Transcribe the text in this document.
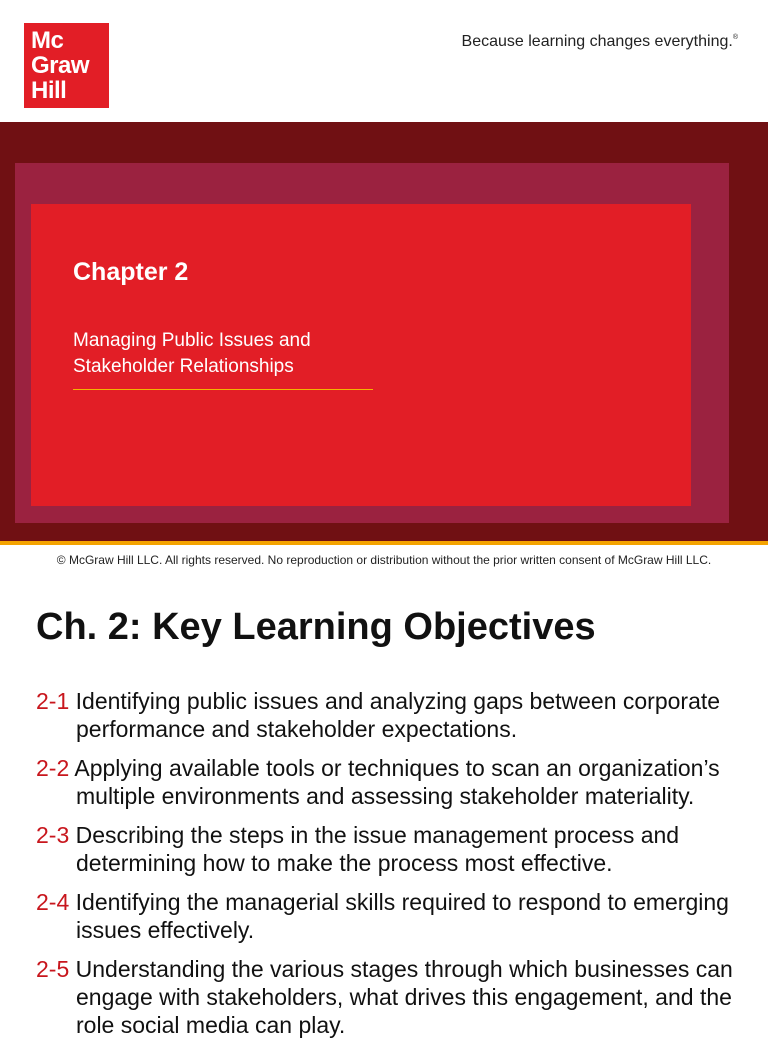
Mc
Graw
Hill
Because learning changes everything.®
Chapter 2
Managing Public Issues and Stakeholder Relationships
© McGraw Hill LLC. All rights reserved. No reproduction or distribution without the prior written consent of McGraw Hill LLC.
Ch. 2: Key Learning Objectives
2-1 Identifying public issues and analyzing gaps between corporate performance and stakeholder expectations.
2-2 Applying available tools or techniques to scan an organization’s multiple environments and assessing stakeholder materiality.
2-3 Describing the steps in the issue management process and determining how to make the process most effective.
2-4 Identifying the managerial skills required to respond to emerging issues effectively.
2-5 Understanding the various stages through which businesses can engage with stakeholders, what drives this engagement, and the role social media can play.
